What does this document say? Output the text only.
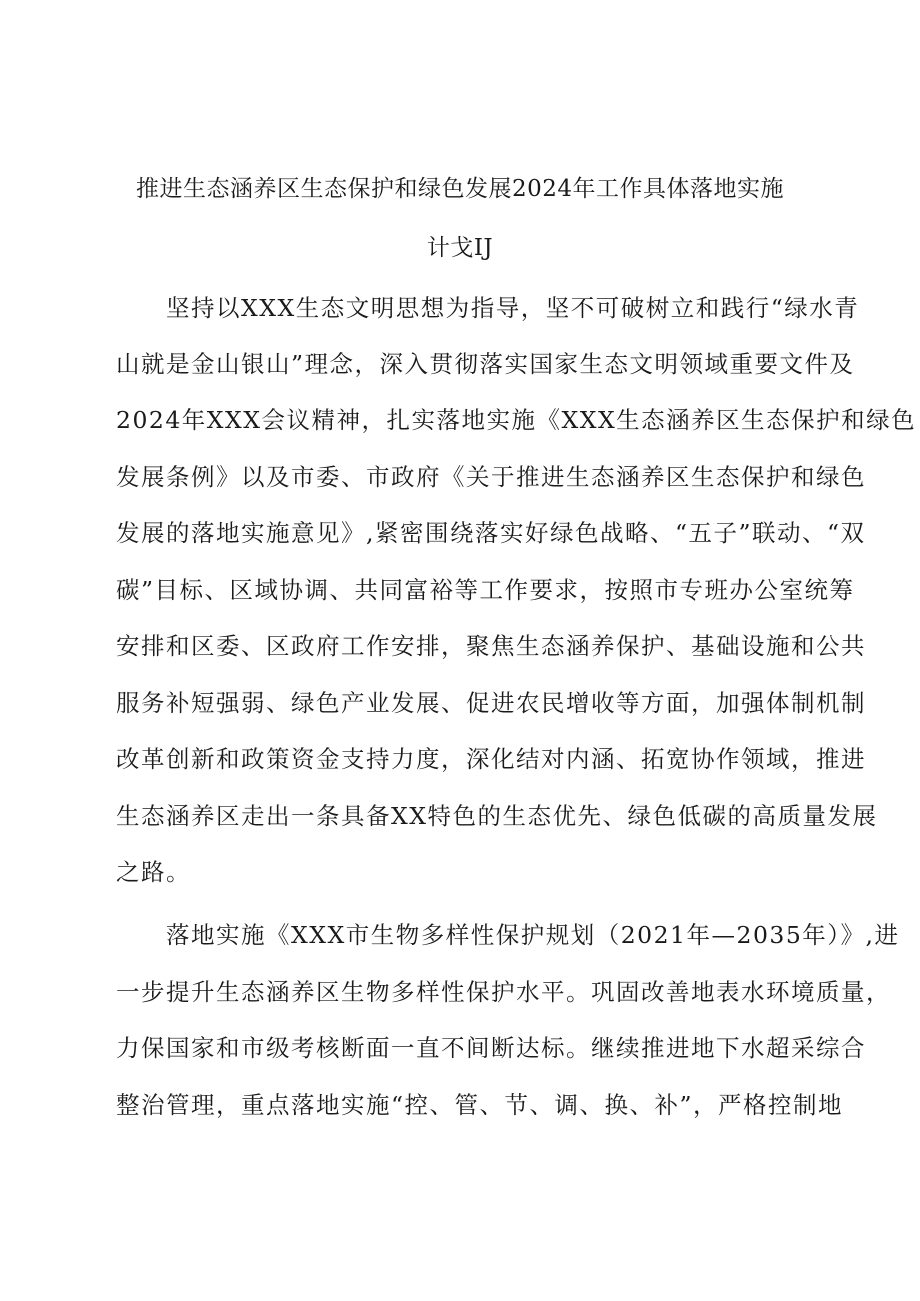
推进生态涵养区生态保护和绿色发展2024年工作具体落地实施
计戈IJ
坚持以XXX生态文明思想为指导，坚不可破树立和践行“绿水青
山就是金山银山”理念，深入贯彻落实国家生态文明领域重要文件及
2024年XXX会议精神，扎实落地实施《XXX生态涵养区生态保护和绿色
发展条例》以及市委、市政府《关于推进生态涵养区生态保护和绿色
发展的落地实施意见》,紧密围绕落实好绿色战略、“五子”联动、“双
碳”目标、区域协调、共同富裕等工作要求，按照市专班办公室统筹
安排和区委、区政府工作安排，聚焦生态涵养保护、基础设施和公共
服务补短强弱、绿色产业发展、促进农民增收等方面，加强体制机制
改革创新和政策资金支持力度，深化结对内涵、拓宽协作领域，推进
生态涵养区走出一条具备XX特色的生态优先、绿色低碳的高质量发展
之路。
落地实施《XXX市生物多样性保护规划（2021年—2035年）》,进
一步提升生态涵养区生物多样性保护水平。巩固改善地表水环境质量，
力保国家和市级考核断面一直不间断达标。继续推进地下水超采综合
整治管理，重点落地实施“控、管、节、调、换、补”，严格控制地
